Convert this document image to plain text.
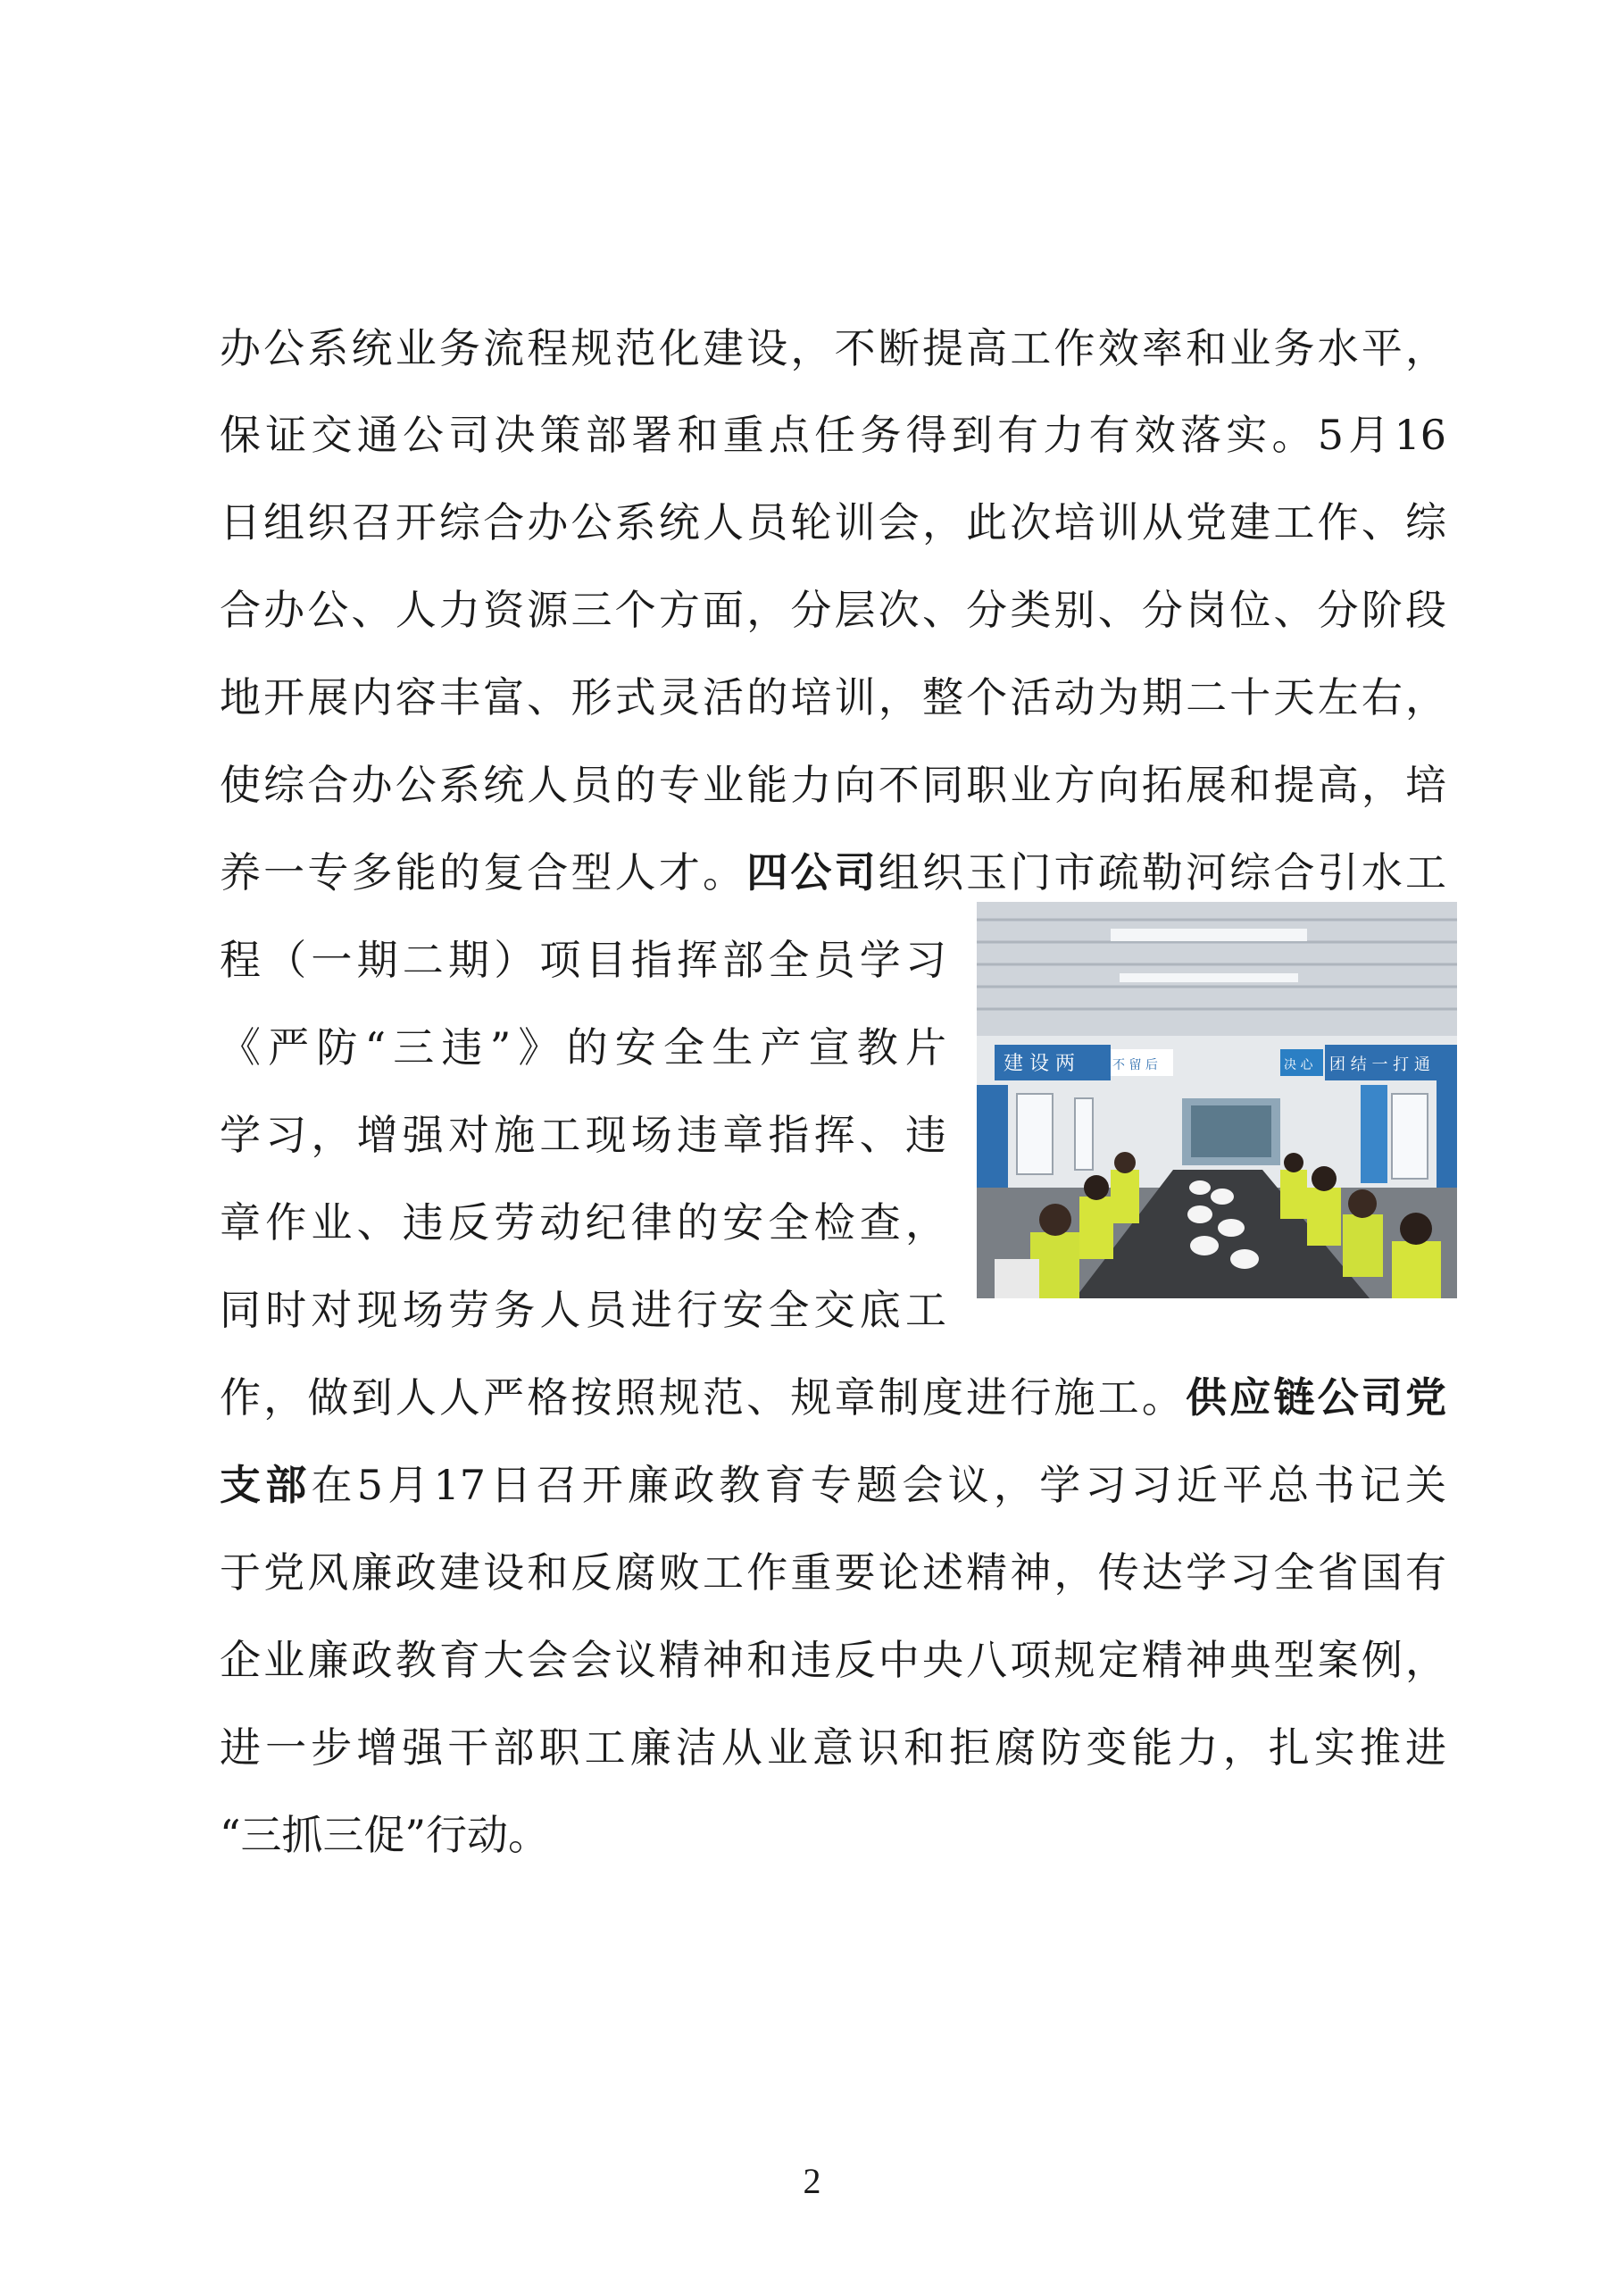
办公系统业务流程规范化建设，不断提高工作效率和业务水平，
保证交通公司决策部署和重点任务得到有力有效落实。5月16
日组织召开综合办公系统人员轮训会，此次培训从党建工作、综
合办公、人力资源三个方面，分层次、分类别、分岗位、分阶段
地开展内容丰富、形式灵活的培训，整个活动为期二十天左右，
使综合办公系统人员的专业能力向不同职业方向拓展和提高，培
养一专多能的复合型人才。四公司组织玉门市疏勒河综合引水工
程（一期二期）项目指挥部全员学习
《严防“三违”》的安全生产宣教片
学习，增强对施工现场违章指挥、违
章作业、违反劳动纪律的安全检查，
同时对现场劳务人员进行安全交底工
建 设 两	不 留 后	团 结 一 打 通
决 心
作，做到人人严格按照规范、规章制度进行施工。供应链公司党
支部在5月17日召开廉政教育专题会议，学习习近平总书记关
于党风廉政建设和反腐败工作重要论述精神，传达学习全省国有
企业廉政教育大会会议精神和违反中央八项规定精神典型案例，
进一步增强干部职工廉洁从业意识和拒腐防变能力，扎实推进
“三抓三促”行动。
2
